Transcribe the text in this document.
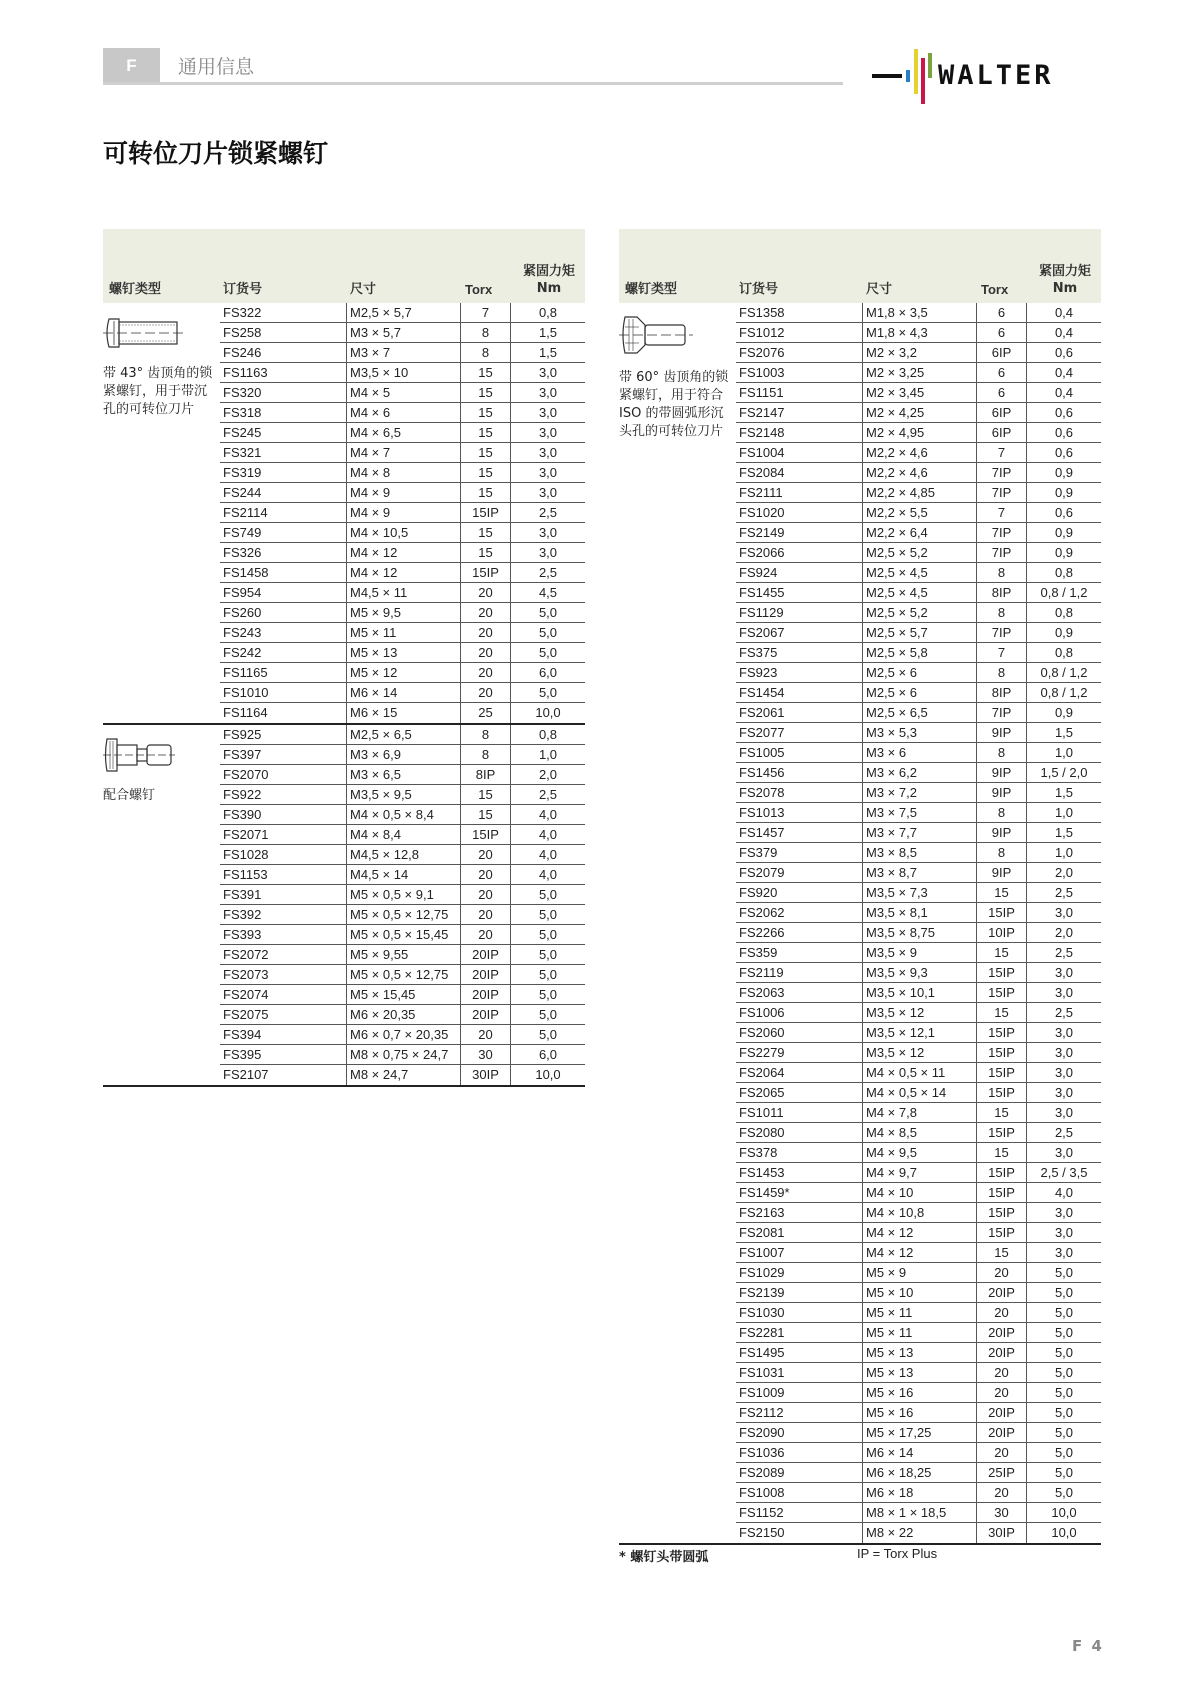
F	通用信息	WALTER
可转位刀片锁紧螺钉
螺钉类型	订货号	尺寸	Torx
紧固力矩
Nm
带 43° 齿顶角的锁紧螺钉，用于带沉孔的可转位刀片
FS322	M2,5 × 5,7	7	0,8
FS258	M3 × 5,7	8	1,5
FS246	M3 × 7	8	1,5
FS1163	M3,5 × 10	15	3,0
FS320	M4 × 5	15	3,0
FS318	M4 × 6	15	3,0
FS245	M4 × 6,5	15	3,0
FS321	M4 × 7	15	3,0
FS319	M4 × 8	15	3,0
FS244	M4 × 9	15	3,0
FS2114	M4 × 9	15IP	2,5
FS749	M4 × 10,5	15	3,0
FS326	M4 × 12	15	3,0
FS1458	M4 × 12	15IP	2,5
FS954	M4,5 × 11	20	4,5
FS260	M5 × 9,5	20	5,0
FS243	M5 × 11	20	5,0
FS242	M5 × 13	20	5,0
FS1165	M5 × 12	20	6,0
FS1010	M6 × 14	20	5,0
FS1164	M6 × 15	25	10,0
配合螺钉
FS925	M2,5 × 6,5	8	0,8
FS397	M3 × 6,9	8	1,0
FS2070	M3 × 6,5	8IP	2,0
FS922	M3,5 × 9,5	15	2,5
FS390	M4 × 0,5 × 8,4	15	4,0
FS2071	M4 × 8,4	15IP	4,0
FS1028	M4,5 × 12,8	20	4,0
FS1153	M4,5 × 14	20	4,0
FS391	M5 × 0,5 × 9,1	20	5,0
FS392	M5 × 0,5 × 12,75	20	5,0
FS393	M5 × 0,5 × 15,45	20	5,0
FS2072	M5 × 9,55	20IP	5,0
FS2073	M5 × 0,5 × 12,75	20IP	5,0
FS2074	M5 × 15,45	20IP	5,0
FS2075	M6 × 20,35	20IP	5,0
FS394	M6 × 0,7 × 20,35	20	5,0
FS395	M8 × 0,75 × 24,7	30	6,0
FS2107	M8 × 24,7	30IP	10,0
螺钉类型	订货号	尺寸	Torx
紧固力矩
Nm
带 60° 齿顶角的锁紧螺钉，用于符合 ISO 的带圆弧形沉头孔的可转位刀片
FS1358	M1,8 × 3,5	6	0,4
FS1012	M1,8 × 4,3	6	0,4
FS2076	M2 × 3,2	6IP	0,6
FS1003	M2 × 3,25	6	0,4
FS1151	M2 × 3,45	6	0,4
FS2147	M2 × 4,25	6IP	0,6
FS2148	M2 × 4,95	6IP	0,6
FS1004	M2,2 × 4,6	7	0,6
FS2084	M2,2 × 4,6	7IP	0,9
FS2111	M2,2 × 4,85	7IP	0,9
FS1020	M2,2 × 5,5	7	0,6
FS2149	M2,2 × 6,4	7IP	0,9
FS2066	M2,5 × 5,2	7IP	0,9
FS924	M2,5 × 4,5	8	0,8
FS1455	M2,5 × 4,5	8IP	0,8 / 1,2
FS1129	M2,5 × 5,2	8	0,8
FS2067	M2,5 × 5,7	7IP	0,9
FS375	M2,5 × 5,8	7	0,8
FS923	M2,5 × 6	8	0,8 / 1,2
FS1454	M2,5 × 6	8IP	0,8 / 1,2
FS2061	M2,5 × 6,5	7IP	0,9
FS2077	M3 × 5,3	9IP	1,5
FS1005	M3 × 6	8	1,0
FS1456	M3 × 6,2	9IP	1,5 / 2,0
FS2078	M3 × 7,2	9IP	1,5
FS1013	M3 × 7,5	8	1,0
FS1457	M3 × 7,7	9IP	1,5
FS379	M3 × 8,5	8	1,0
FS2079	M3 × 8,7	9IP	2,0
FS920	M3,5 × 7,3	15	2,5
FS2062	M3,5 × 8,1	15IP	3,0
FS2266	M3,5 × 8,75	10IP	2,0
FS359	M3,5 × 9	15	2,5
FS2119	M3,5 × 9,3	15IP	3,0
FS2063	M3,5 × 10,1	15IP	3,0
FS1006	M3,5 × 12	15	2,5
FS2060	M3,5 × 12,1	15IP	3,0
FS2279	M3,5 × 12	15IP	3,0
FS2064	M4 × 0,5 × 11	15IP	3,0
FS2065	M4 × 0,5 × 14	15IP	3,0
FS1011	M4 × 7,8	15	3,0
FS2080	M4 × 8,5	15IP	2,5
FS378	M4 × 9,5	15	3,0
FS1453	M4 × 9,7	15IP	2,5 / 3,5
FS1459*	M4 × 10	15IP	4,0
FS2163	M4 × 10,8	15IP	3,0
FS2081	M4 × 12	15IP	3,0
FS1007	M4 × 12	15	3,0
FS1029	M5 × 9	20	5,0
FS2139	M5 × 10	20IP	5,0
FS1030	M5 × 11	20	5,0
FS2281	M5 × 11	20IP	5,0
FS1495	M5 × 13	20IP	5,0
FS1031	M5 × 13	20	5,0
FS1009	M5 × 16	20	5,0
FS2112	M5 × 16	20IP	5,0
FS2090	M5 × 17,25	20IP	5,0
FS1036	M6 × 14	20	5,0
FS2089	M6 × 18,25	25IP	5,0
FS1008	M6 × 18	20	5,0
FS1152	M8 × 1 × 18,5	30	10,0
FS2150	M8 × 22	30IP	10,0
* 螺钉头带圆弧	IP = Torx Plus
F 4
